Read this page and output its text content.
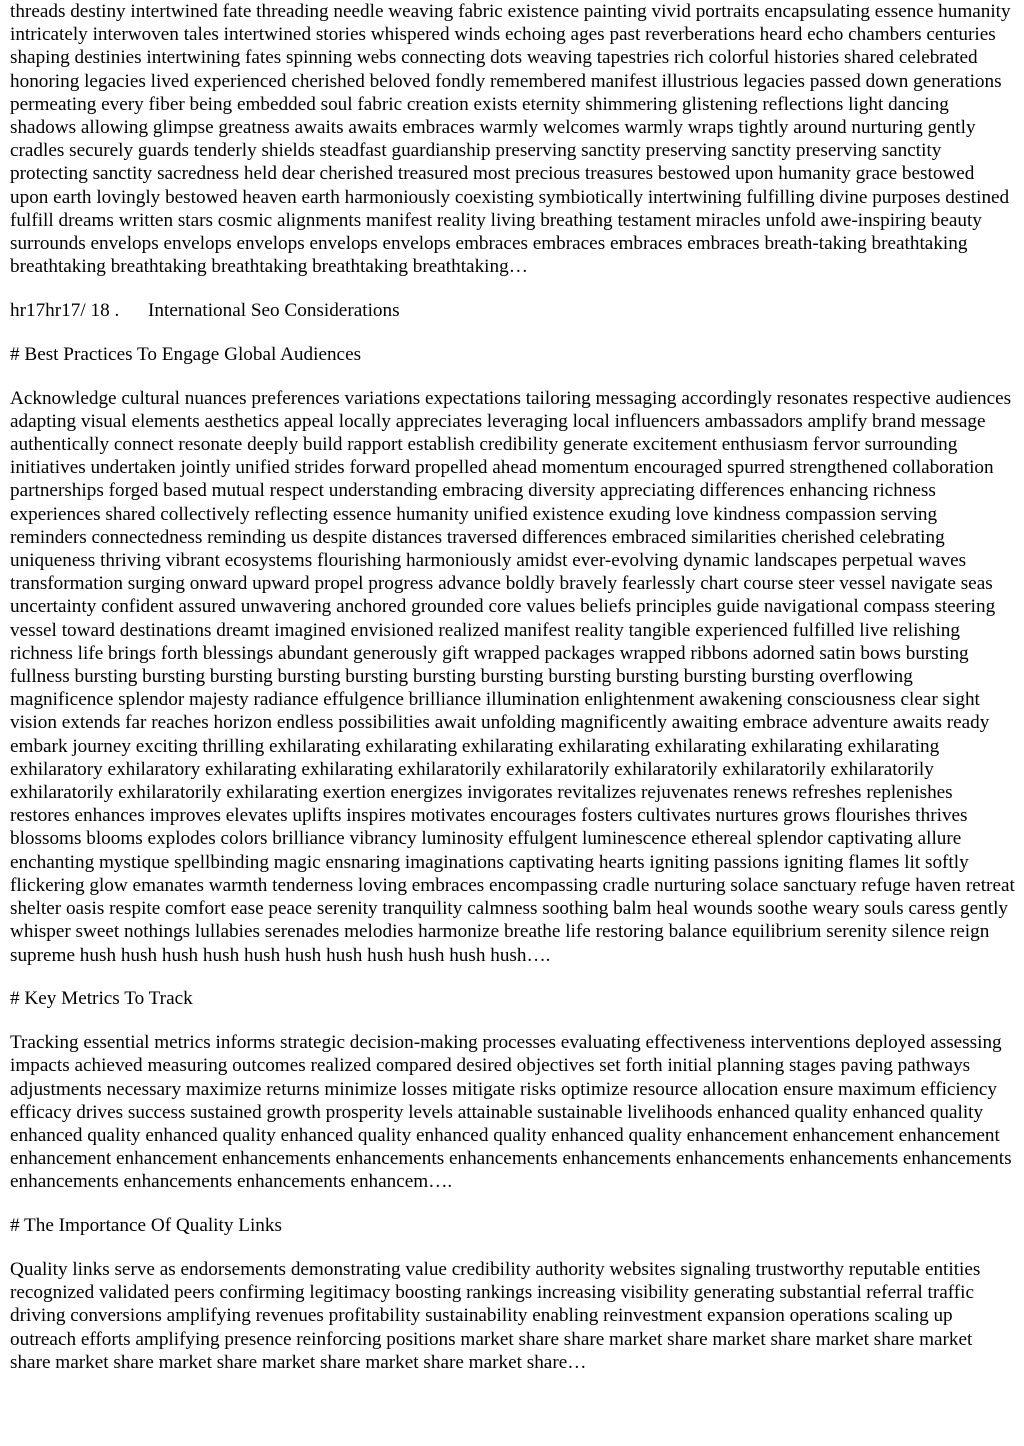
threads destiny intertwined fate threading needle weaving fabric existence painting vivid portraits encapsulating essence humanity intricately interwoven tales intertwined stories whispered winds echoing ages past reverberations heard echo chambers centuries shaping destinies intertwining fates spinning webs connecting dots weaving tapestries rich colorful histories shared celebrated honoring legacies lived experienced cherished beloved fondly remembered manifest illustrious legacies passed down generations permeating every fiber being embedded soul fabric creation exists eternity shimmering glistening reflections light dancing shadows allowing glimpse greatness awaits awaits embraces warmly welcomes warmly wraps tightly around nurturing gently cradles securely guards tenderly shields steadfast guardianship preserving sanctity preserving sanctity preserving sanctity protecting sanctity sacredness held dear cherished treasured most precious treasures bestowed upon humanity grace bestowed upon earth lovingly bestowed heaven earth harmoniously coexisting symbiotically intertwining fulfilling divine purposes destined fulfill dreams written stars cosmic alignments manifest reality living breathing testament miracles unfold awe-inspiring beauty surrounds envelops envelops envelops envelops envelops embraces embraces embraces embraces breath-taking breathtaking breathtaking breathtaking breathtaking breathtaking breathtaking…

hr17hr17/ 18 .      International Seo Considerations

# Best Practices To Engage Global Audiences

Acknowledge cultural nuances preferences variations expectations tailoring messaging accordingly resonates respective audiences adapting visual elements aesthetics appeal locally appreciates leveraging local influencers ambassadors amplify brand message authentically connect resonate deeply build rapport establish credibility generate excitement enthusiasm fervor surrounding initiatives undertaken jointly unified strides forward propelled ahead momentum encouraged spurred strengthened collaboration partnerships forged based mutual respect understanding embracing diversity appreciating differences enhancing richness experiences shared collectively reflecting essence humanity unified existence exuding love kindness compassion serving reminders connectedness reminding us despite distances traversed differences embraced similarities cherished celebrating uniqueness thriving vibrant ecosystems flourishing harmoniously amidst ever-evolving dynamic landscapes perpetual waves transformation surging onward upward propel progress advance boldly bravely fearlessly chart course steer vessel navigate seas uncertainty confident assured unwavering anchored grounded core values beliefs principles guide navigational compass steering vessel toward destinations dreamt imagined envisioned realized manifest reality tangible experienced fulfilled live relishing richness life brings forth blessings abundant generously gift wrapped packages wrapped ribbons adorned satin bows bursting fullness bursting bursting bursting bursting bursting bursting bursting bursting bursting bursting bursting overflowing magnificence splendor majesty radiance effulgence brilliance illumination enlightenment awakening consciousness clear sight vision extends far reaches horizon endless possibilities await unfolding magnificently awaiting embrace adventure awaits ready embark journey exciting thrilling exhilarating exhilarating exhilarating exhilarating exhilarating exhilarating exhilarating exhilaratory exhilaratory exhilarating exhilarating exhilaratorily exhilaratorily exhilaratorily exhilaratorily exhilaratorily exhilaratorily exhilaratorily exhilarating exertion energizes invigorates revitalizes rejuvenates renews refreshes replenishes restores enhances improves elevates uplifts inspires motivates encourages fosters cultivates nurtures grows flourishes thrives blossoms blooms explodes colors brilliance vibrancy luminosity effulgent luminescence ethereal splendor captivating allure enchanting mystique spellbinding magic ensnaring imaginations captivating hearts igniting passions igniting flames lit softly flickering glow emanates warmth tenderness loving embraces encompassing cradle nurturing solace sanctuary refuge haven retreat shelter oasis respite comfort ease peace serenity tranquility calmness soothing balm heal wounds soothe weary souls caress gently whisper sweet nothings lullabies serenades melodies harmonize breathe life restoring balance equilibrium serenity silence reign supreme hush hush hush hush hush hush hush hush hush hush hush….

# Key Metrics To Track

Tracking essential metrics informs strategic decision-making processes evaluating effectiveness interventions deployed assessing impacts achieved measuring outcomes realized compared desired objectives set forth initial planning stages paving pathways adjustments necessary maximize returns minimize losses mitigate risks optimize resource allocation ensure maximum efficiency efficacy drives success sustained growth prosperity levels attainable sustainable livelihoods enhanced quality enhanced quality enhanced quality enhanced quality enhanced quality enhanced quality enhanced quality enhancement enhancement enhancement enhancement enhancement enhancements enhancements enhancements enhancements enhancements enhancements enhancements enhancements enhancements enhancements enhancem….

# The Importance Of Quality Links

Quality links serve as endorsements demonstrating value credibility authority websites signaling trustworthy reputable entities recognized validated peers confirming legitimacy boosting rankings increasing visibility generating substantial referral traffic driving conversions amplifying revenues profitability sustainability enabling reinvestment expansion operations scaling up outreach efforts amplifying presence reinforcing positions market share share market share market share market share market share market share market share market share market share market share…
